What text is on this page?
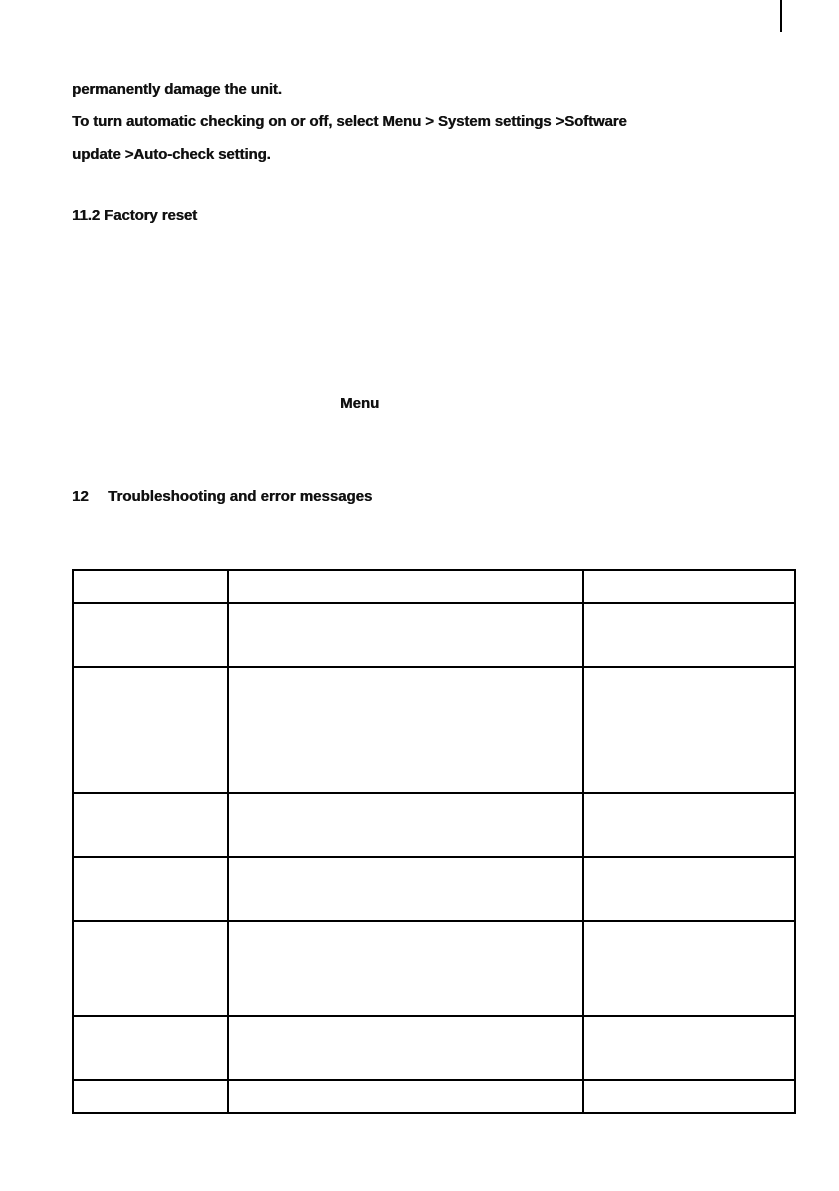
permanently damage the unit.
To turn automatic checking on or off, select Menu > System settings >Software
update >Auto-check setting.
11.2 Factory reset
Menu
12 Troubleshooting and error messages
